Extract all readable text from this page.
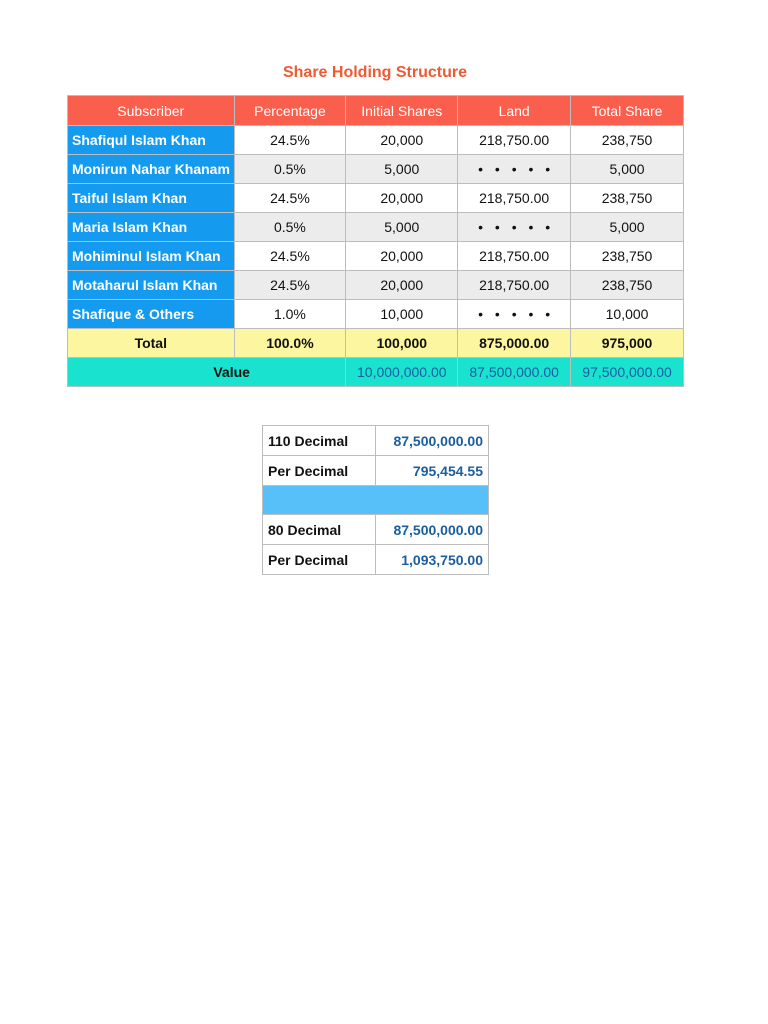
Share Holding Structure
Subscriber	Percentage	Initial Shares	Land	Total Share
Shafiqul Islam Khan	24.5%	20,000	218,750.00	238,750
Monirun Nahar Khanam	0.5%	5,000	• • • • •	5,000
Taiful Islam Khan	24.5%	20,000	218,750.00	238,750
Maria Islam Khan	0.5%	5,000	• • • • •	5,000
Mohiminul Islam Khan	24.5%	20,000	218,750.00	238,750
Motaharul Islam Khan	24.5%	20,000	218,750.00	238,750
Shafique & Others	1.0%	10,000	• • • • •	10,000
Total	100.0%	100,000	875,000.00	975,000
Value		10,000,000.00	87,500,000.00	97,500,000.00
110 Decimal	87,500,000.00
Per Decimal	795,454.55

80 Decimal	87,500,000.00
Per Decimal	1,093,750.00
